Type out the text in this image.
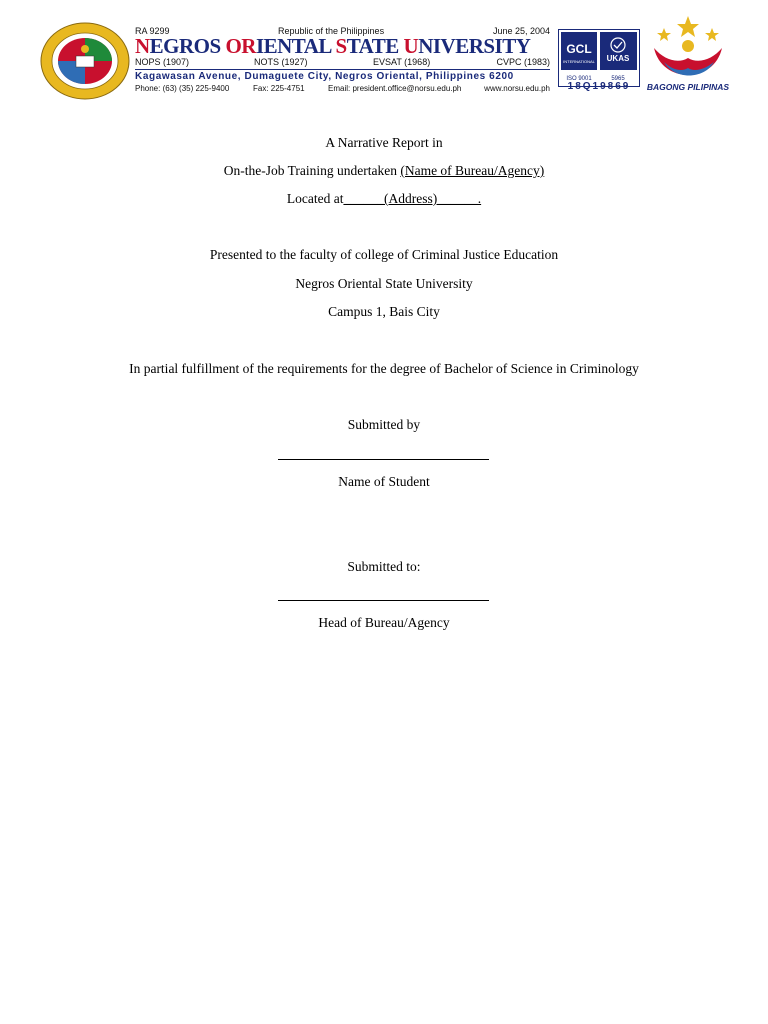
RA 9299	Republic of the Philippines	June 25, 2004
NEGROS ORIENTAL STATE UNIVERSITY
NOPS (1907)	NOTS (1927)	EVSAT (1968)	CVPC (1983)
Kagawasan Avenue, Dumaguete City, Negros Oriental, Philippines 6200
Phone: (63) (35) 225-9400	Fax: 225-4751	Email: president.office@norsu.edu.ph	www.norsu.edu.ph
GCL
INTERNATIONAL UKAS
ISO 9001	5965
18Q19869	BAGONG PILIPINAS
A Narrative Report in
On-the-Job Training undertaken (Name of Bureau/Agency)
Located at______(Address)______.
Presented to the faculty of college of Criminal Justice Education
Negros Oriental State University
Campus 1, Bais City
In partial fulfillment of the requirements for the degree of Bachelor of Science in Criminology
Submitted by
Name of Student
Submitted to:
Head of Bureau/Agency
